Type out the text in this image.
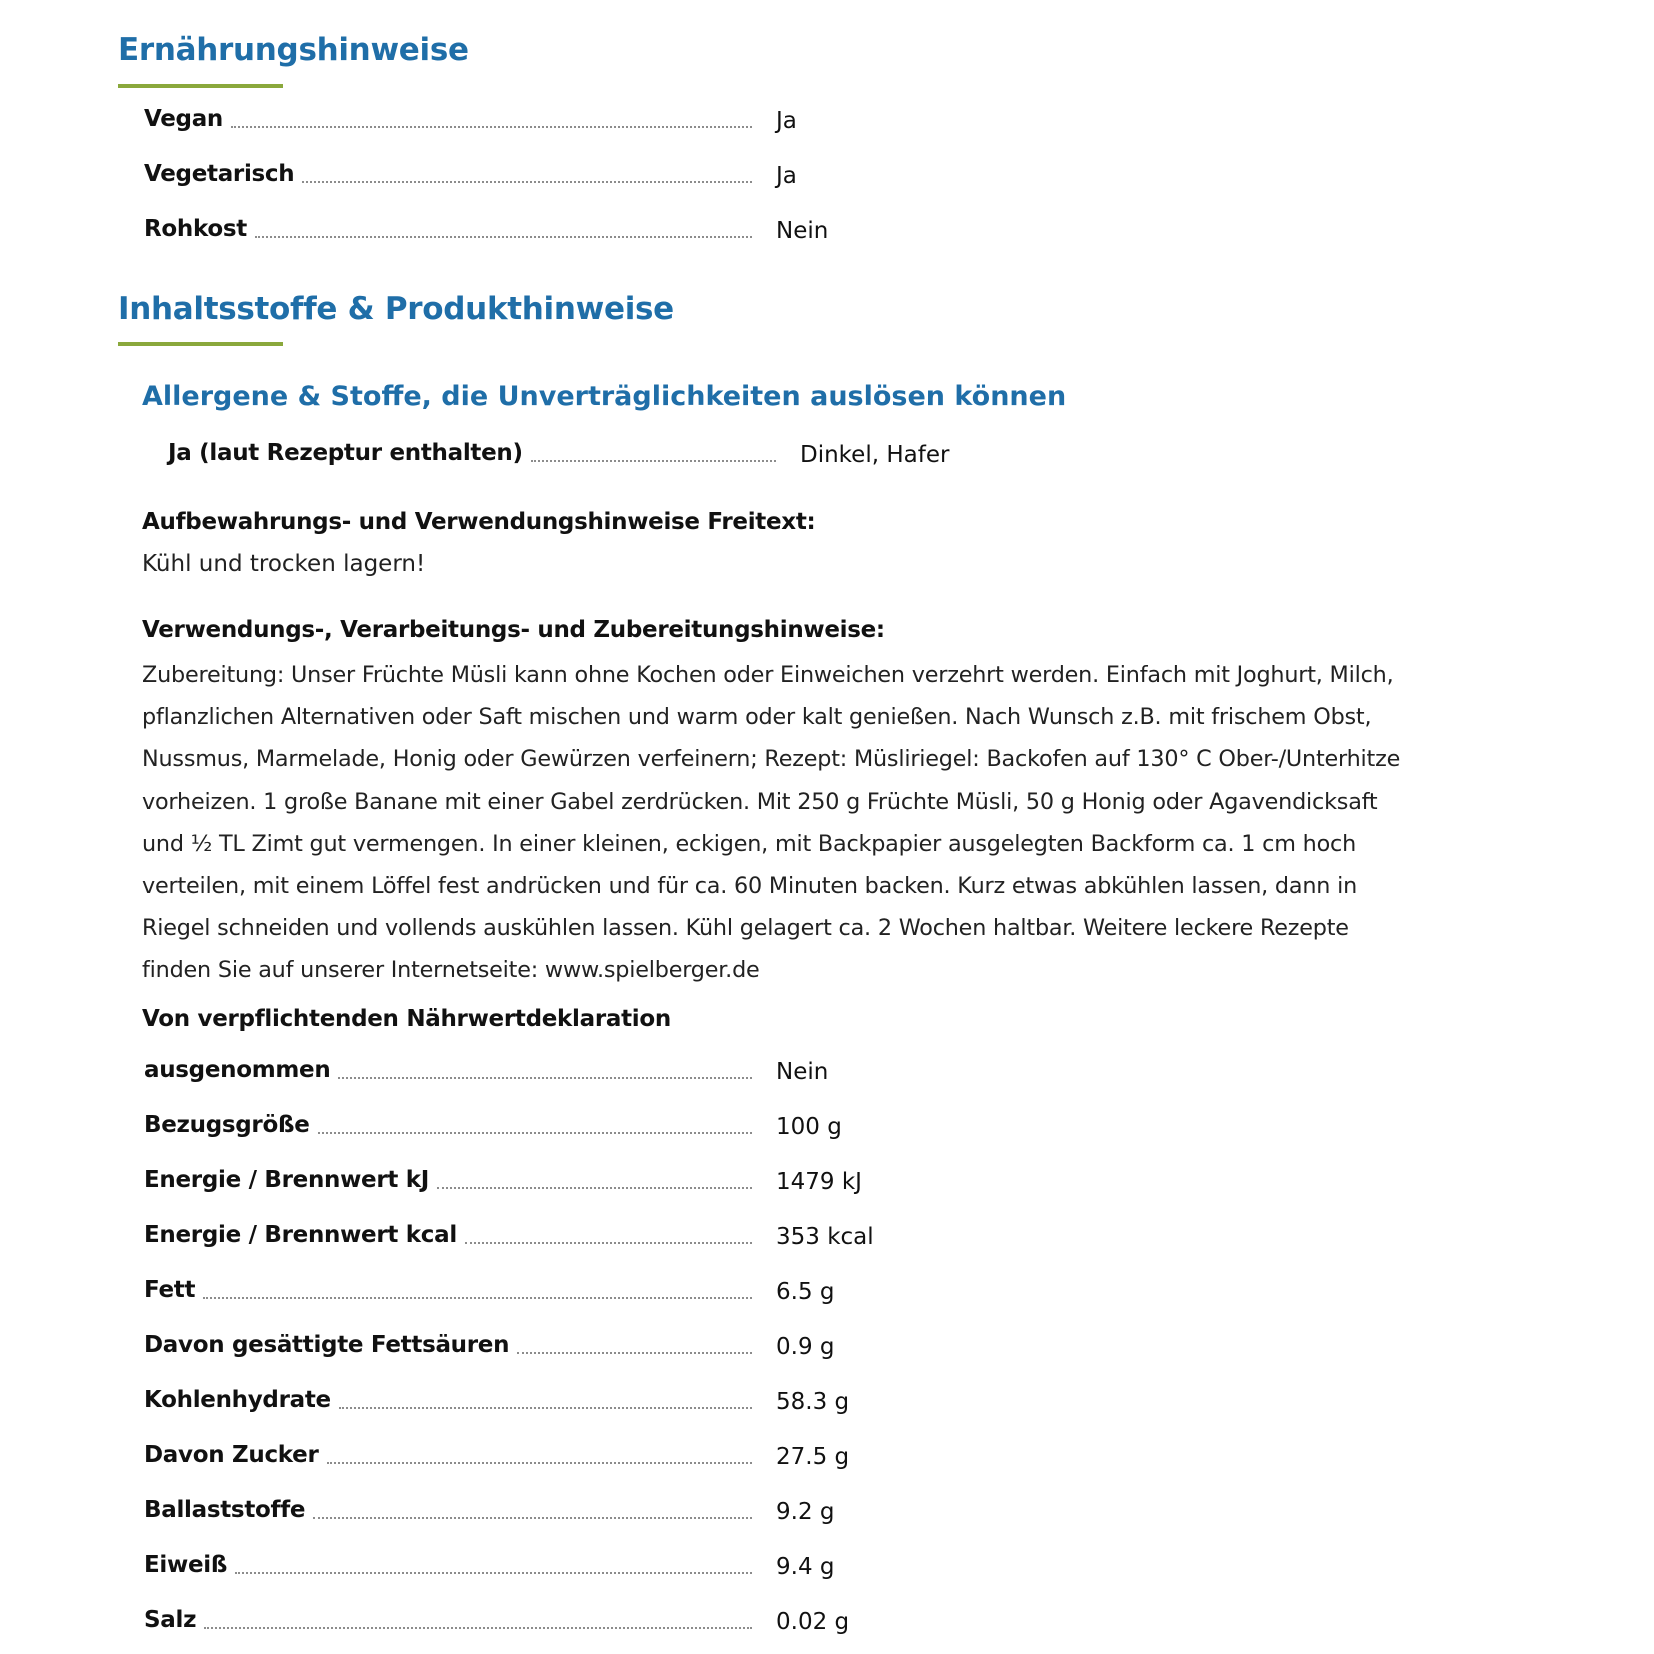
Ernährungshinweise
Vegan	Ja
Vegetarisch	Ja
Rohkost	Nein
Inhaltsstoffe & Produkthinweise
Allergene & Stoffe, die Unverträglichkeiten auslösen können
Ja (laut Rezeptur enthalten)	Dinkel, Hafer

Aufbewahrungs- und Verwendungshinweise Freitext:

Kühl und trocken lagern!

Verwendungs-, Verarbeitungs- und Zubereitungshinweise:

Zubereitung: Unser Früchte Müsli kann ohne Kochen oder Einweichen verzehrt werden. Einfach mit Joghurt, Milch, pflanzlichen Alternativen oder Saft mischen und warm oder kalt genießen. Nach Wunsch z.B. mit frischem Obst, Nussmus, Marmelade, Honig oder Gewürzen verfeinern; Rezept: Müsliriegel: Backofen auf 130° C Ober-/Unterhitze vorheizen. 1 große Banane mit einer Gabel zerdrücken. Mit 250 g Früchte Müsli, 50 g Honig oder Agavendicksaft und ½ TL Zimt gut vermengen. In einer kleinen, eckigen, mit Backpapier ausgelegten Backform ca. 1 cm hoch verteilen, mit einem Löffel fest andrücken und für ca. 60 Minuten backen. Kurz etwas abkühlen lassen, dann in Riegel schneiden und vollends auskühlen lassen. Kühl gelagert ca. 2 Wochen haltbar. Weitere leckere Rezepte finden Sie auf unserer Internetseite: www.spielberger.de

Von verpflichtenden Nährwertdeklaration

ausgenommen	Nein
Bezugsgröße	100 g
Energie / Brennwert kJ	1479 kJ
Energie / Brennwert kcal	353 kcal
Fett	6.5 g
Davon gesättigte Fettsäuren	0.9 g
Kohlenhydrate	58.3 g
Davon Zucker	27.5 g
Ballaststoffe	9.2 g
Eiweiß	9.4 g
Salz	0.02 g
